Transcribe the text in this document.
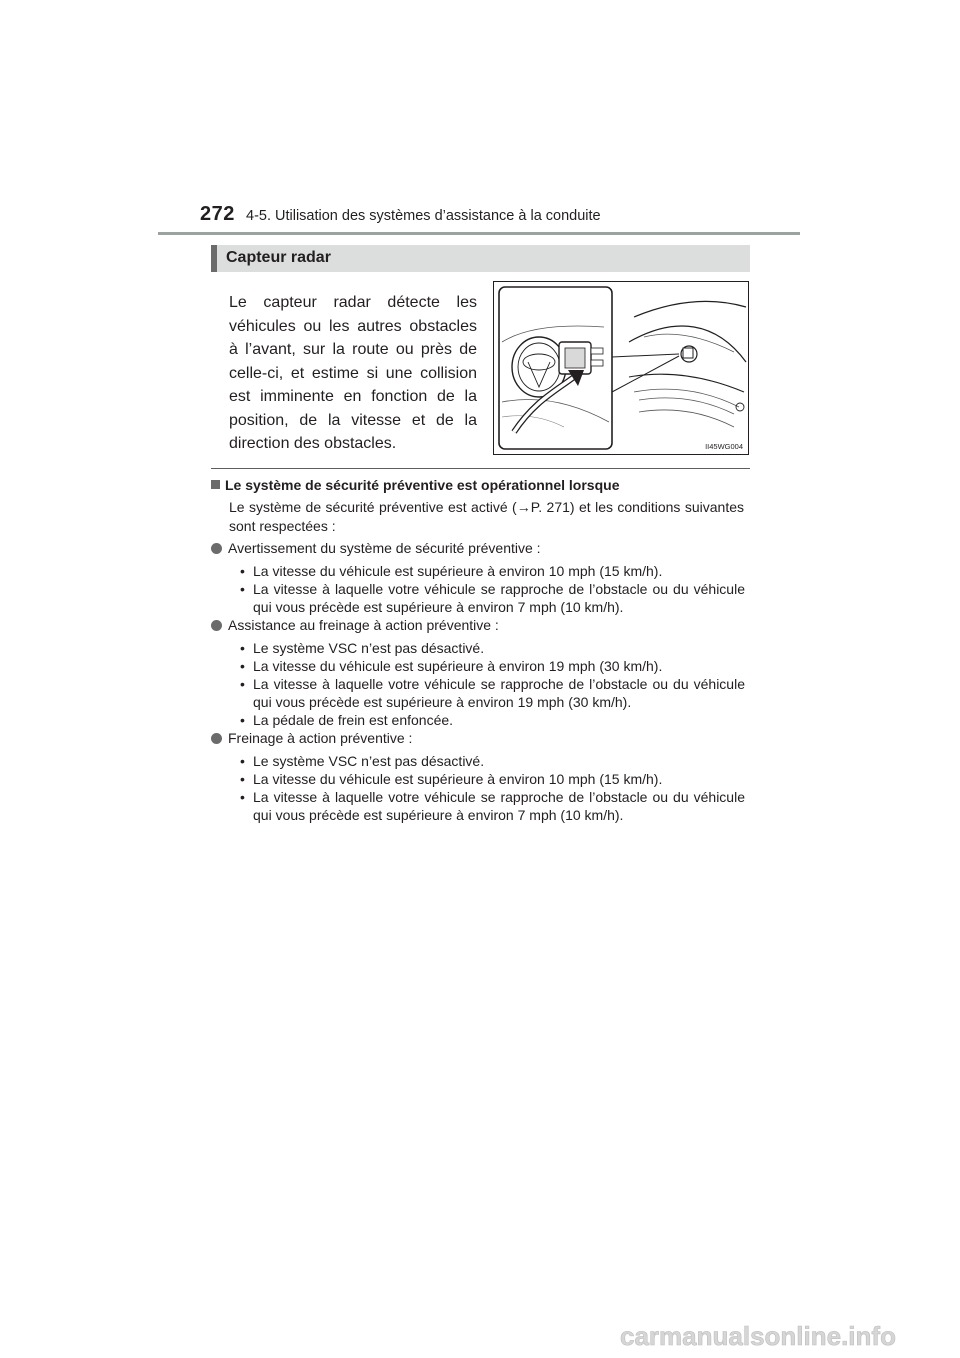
272 4-5. Utilisation des systèmes d’assistance à la conduite
Capteur radar
Le capteur radar détecte les véhicules ou les autres obstacles à l’avant, sur la route ou près de celle-ci, et estime si une collision est imminente en fonction de la position, de la vitesse et de la direction des obstacles.	II45WG004
Le système de sécurité préventive est opérationnel lorsque
Le système de sécurité préventive est activé (→P. 271) et les conditions suivantes sont respectées :
Avertissement du système de sécurité préventive :
• La vitesse du véhicule est supérieure à environ 10 mph (15 km/h).
• La vitesse à laquelle votre véhicule se rapproche de l’obstacle ou du véhicule qui vous précède est supérieure à environ 7 mph (10 km/h).
Assistance au freinage à action préventive :
• Le système VSC n’est pas désactivé.
• La vitesse du véhicule est supérieure à environ 19 mph (30 km/h).
• La vitesse à laquelle votre véhicule se rapproche de l’obstacle ou du véhicule qui vous précède est supérieure à environ 19 mph (30 km/h).
• La pédale de frein est enfoncée.
Freinage à action préventive :
• Le système VSC n’est pas désactivé.
• La vitesse du véhicule est supérieure à environ 10 mph (15 km/h).
• La vitesse à laquelle votre véhicule se rapproche de l’obstacle ou du véhicule qui vous précède est supérieure à environ 7 mph (10 km/h).
carmanualsonline.info
